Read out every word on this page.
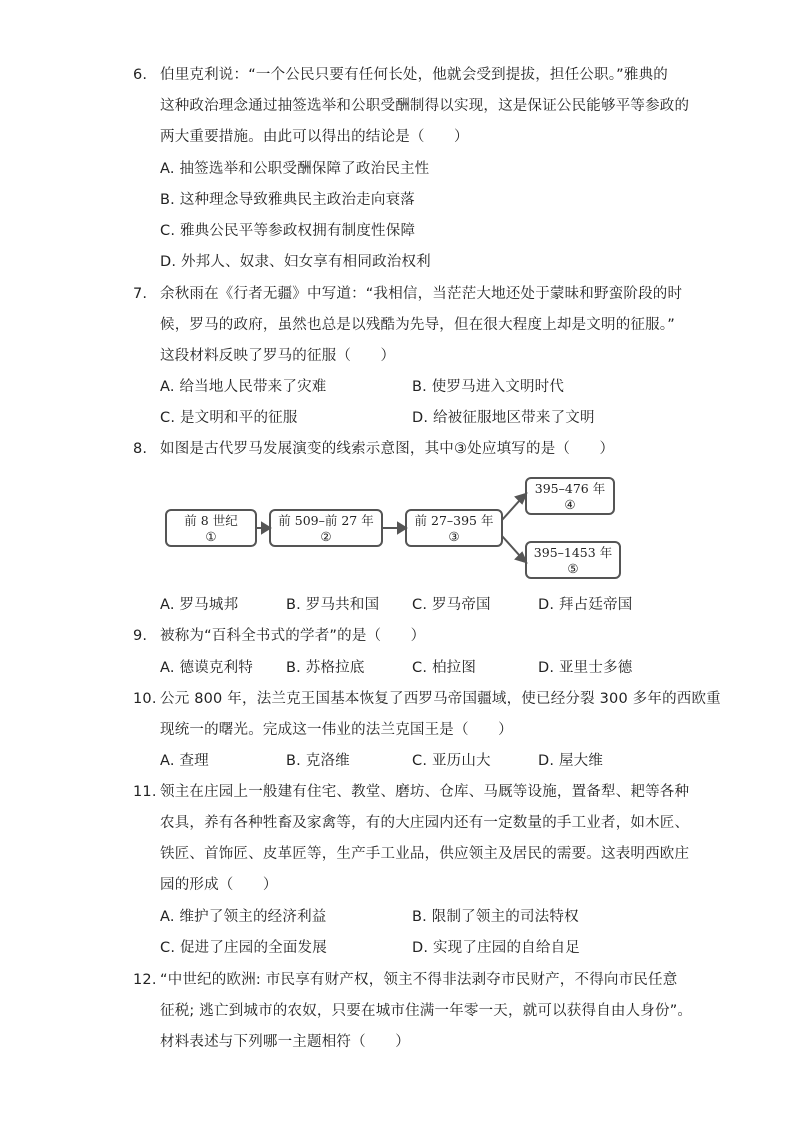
6. 伯里克利说：“一个公民只要有任何长处，他就会受到提拔，担任公职。”雅典的
这种政治理念通过抽签选举和公职受酬制得以实现，这是保证公民能够平等参政的
两大重要措施。由此可以得出的结论是（　　）
A. 抽签选举和公职受酬保障了政治民主性
B. 这种理念导致雅典民主政治走向衰落
C. 雅典公民平等参政权拥有制度性保障
D. 外邦人、奴隶、妇女享有相同政治权利
7. 余秋雨在《行者无疆》中写道：“我相信，当茫茫大地还处于蒙昧和野蛮阶段的时
候，罗马的政府，虽然也总是以残酷为先导，但在很大程度上却是文明的征服。”
这段材料反映了罗马的征服（　　）
A. 给当地人民带来了灾难	B. 使罗马进入文明时代
C. 是文明和平的征服	D. 给被征服地区带来了文明
8. 如图是古代罗马发展演变的线索示意图，其中③处应填写的是（　　）
前 8 世纪
①
前 509–前 27 年
②
前 27–395 年
③
395–476 年
④
395–1453 年
⑤
A. 罗马城邦	B. 罗马共和国 C. 罗马帝国	D. 拜占廷帝国
9. 被称为“百科全书式的学者”的是（　　）
A. 德谟克利特 B. 苏格拉底	C. 柏拉图	D. 亚里士多德
10. 公元 800 年，法兰克王国基本恢复了西罗马帝国疆域，使已经分裂 300 多年的西欧重
现统一的曙光。完成这一伟业的法兰克国王是（　　）
A. 查理	B. 克洛维	C. 亚历山大	D. 屋大维
11. 领主在庄园上一般建有住宅、教堂、磨坊、仓库、马厩等设施，置备犁、耙等各种
农具，养有各种牲畜及家禽等，有的大庄园内还有一定数量的手工业者，如木匠、
铁匠、首饰匠、皮革匠等，生产手工业品，供应领主及居民的需要。这表明西欧庄
园的形成（　　）
A. 维护了领主的经济利益	B. 限制了领主的司法特权
C. 促进了庄园的全面发展	D. 实现了庄园的自给自足
12. “中世纪的欧洲: 市民享有财产权，领主不得非法剥夺市民财产，不得向市民任意
征税; 逃亡到城市的农奴，只要在城市住满一年零一天，就可以获得自由人身份”。
材料表述与下列哪一主题相符（　　）
